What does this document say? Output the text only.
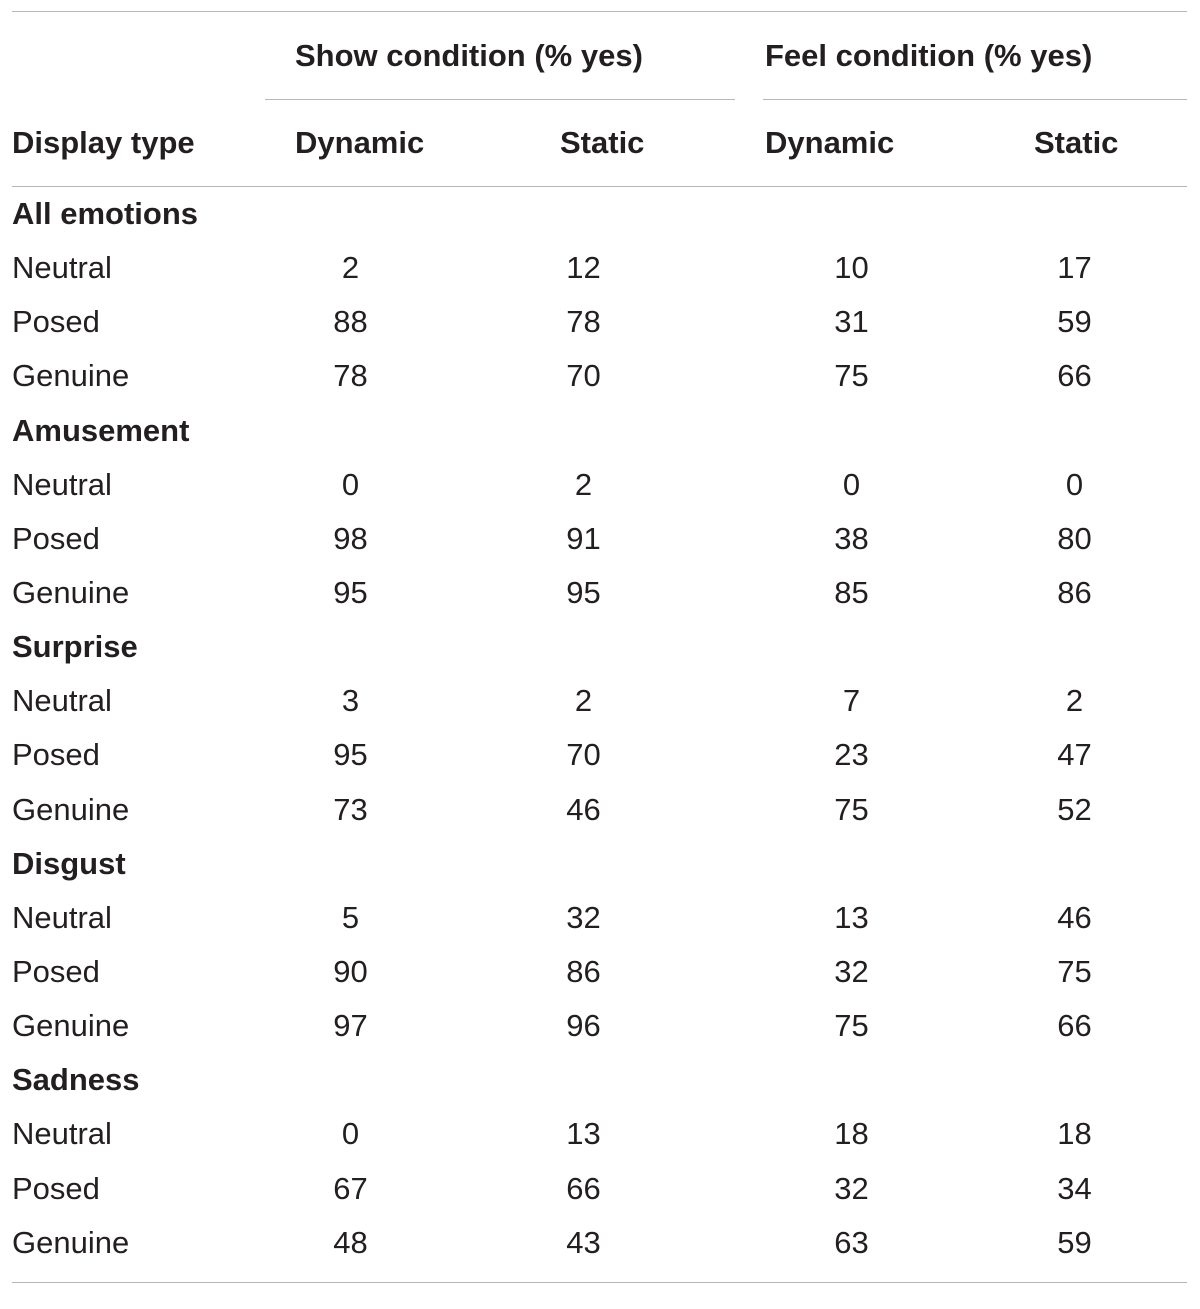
	Show condition (% yes)		Feel condition (% yes)	

Display type	Dynamic	Static	Dynamic	Static
All emotions				
Neutral	2	12	10	17
Posed	88	78	31	59
Genuine	78	70	75	66
Amusement				
Neutral	0	2	0	0
Posed	98	91	38	80
Genuine	95	95	85	86
Surprise				
Neutral	3	2	7	2
Posed	95	70	23	47
Genuine	73	46	75	52
Disgust				
Neutral	5	32	13	46
Posed	90	86	32	75
Genuine	97	96	75	66
Sadness				
Neutral	0	13	18	18
Posed	67	66	32	34
Genuine	48	43	63	59
